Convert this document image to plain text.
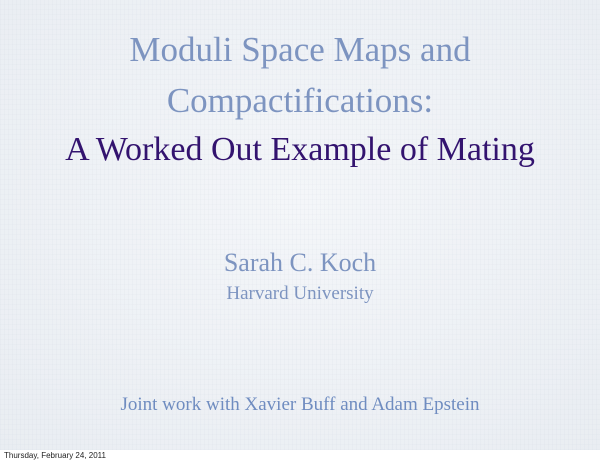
Moduli Space Maps and
Compactifications:
A Worked Out Example of Mating
Sarah C. Koch
Harvard University
Joint work with Xavier Buff and Adam Epstein
Thursday, February 24, 2011
